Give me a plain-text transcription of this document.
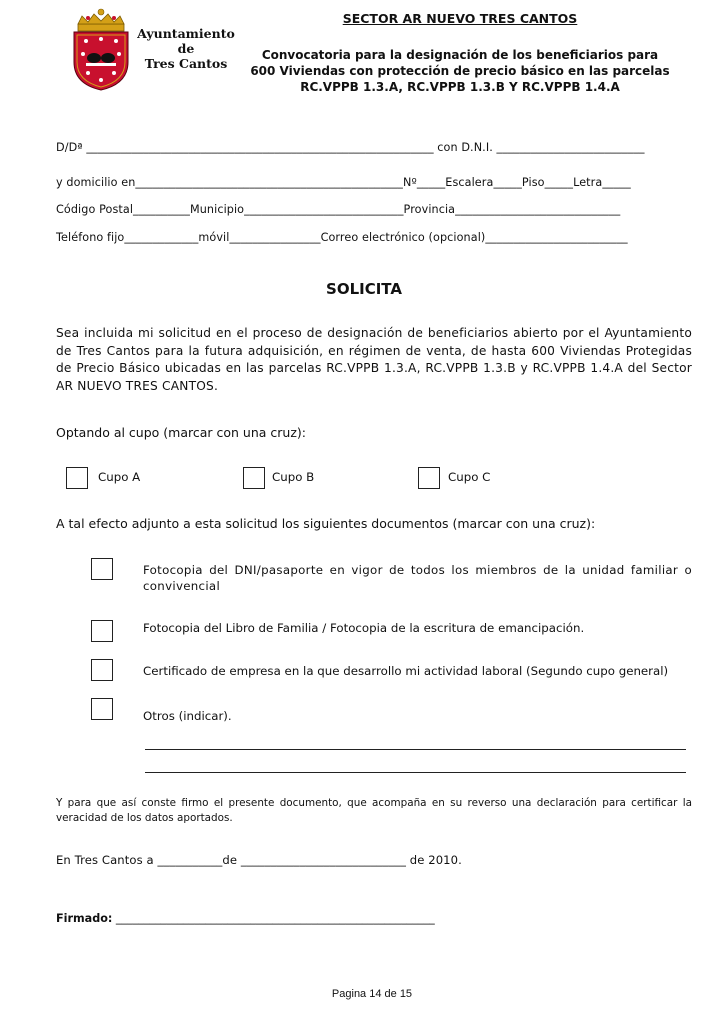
Ayuntamiento
de
Tres Cantos
SECTOR AR NUEVO TRES CANTOS
Convocatoria para la designación de los beneficiarios para
600 Viviendas con protección de precio básico en las parcelas
RC.VPPB 1.3.A, RC.VPPB 1.3.B Y RC.VPPB 1.4.A
D/Dª _____________________________________________________________ con D.N.I. __________________________
y domicilio en_______________________________________________Nº_____Escalera_____Piso_____Letra_____
Código Postal__________Municipio____________________________Provincia_____________________________
Teléfono fijo_____________móvil________________Correo electrónico (opcional)_________________________
SOLICITA

Sea incluida mi solicitud en el proceso de designación de beneficiarios abierto por el Ayuntamiento de Tres Cantos para la futura adquisición, en régimen de venta, de hasta 600 Viviendas Protegidas de Precio Básico ubicadas en las parcelas RC.VPPB 1.3.A, RC.VPPB 1.3.B y RC.VPPB 1.4.A del Sector AR NUEVO TRES CANTOS.

Optando al cupo (marcar con una cruz):
Cupo A	Cupo B	Cupo C
A tal efecto adjunto a esta solicitud los siguientes documentos (marcar con una cruz):

Fotocopia del DNI/pasaporte en vigor de todos los miembros de la unidad familiar o convivencial

Fotocopia del Libro de Familia / Fotocopia de la escritura de emancipación.
Certificado de empresa en la que desarrollo mi actividad laboral (Segundo cupo general)
Otros (indicar).

Y para que así conste firmo el presente documento, que acompaña en su reverso una declaración para certificar la veracidad de los datos aportados.

En Tres Cantos a ___________de ____________________________ de 2010.
Firmado: _________________________________________________________
Pagina 14 de 15
